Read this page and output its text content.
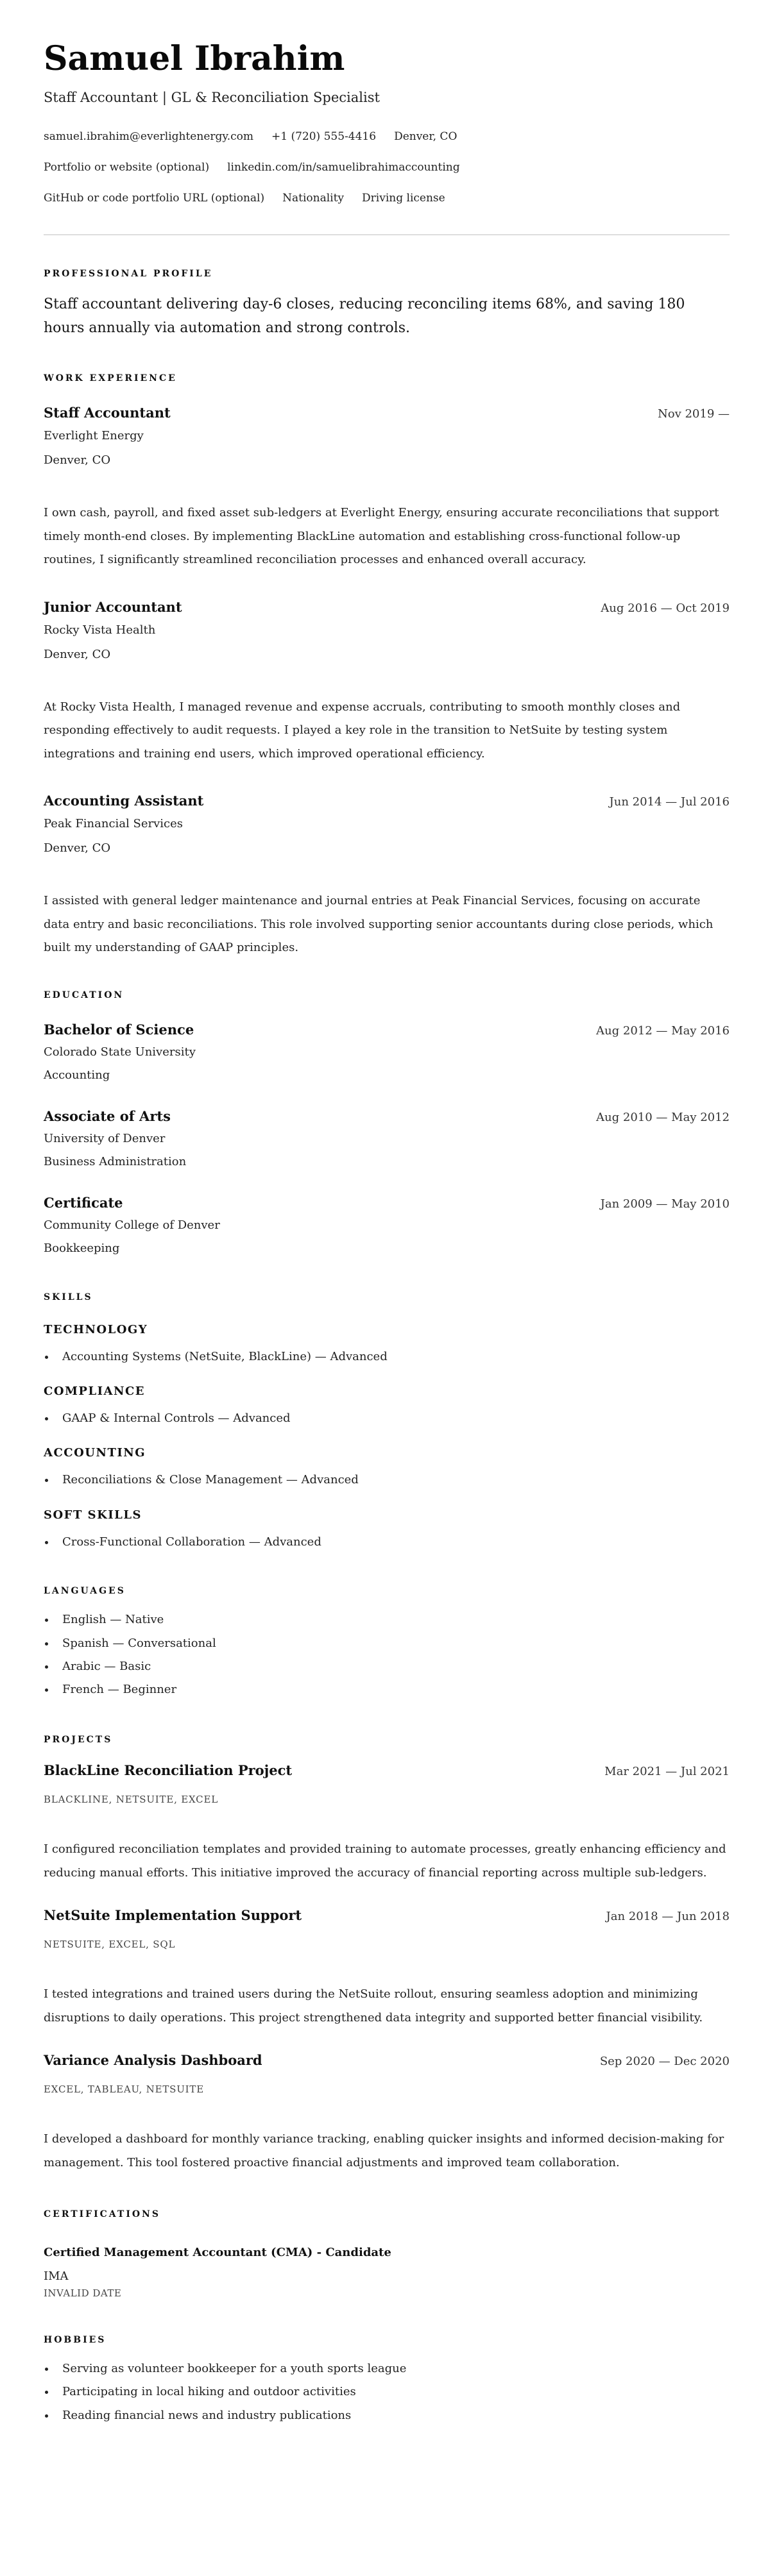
Samuel Ibrahim
Staff Accountant | GL & Reconciliation Specialist
samuel.ibrahim@everlightenergy.com +1 (720) 555-4416 Denver, CO
Portfolio or website (optional) linkedin.com/in/samuelibrahimaccounting
GitHub or code portfolio URL (optional) Nationality Driving license
PROFESSIONAL PROFILE
Staff accountant delivering day-6 closes, reducing reconciling items 68%, and saving 180 hours annually via automation and strong controls.
WORK EXPERIENCE
Staff Accountant	Nov 2019 —
Everlight Energy
Denver, CO
I own cash, payroll, and fixed asset sub-ledgers at Everlight Energy, ensuring accurate reconciliations that support timely month-end closes. By implementing BlackLine automation and establishing cross-functional follow-up routines, I significantly streamlined reconciliation processes and enhanced overall accuracy.
Junior Accountant	Aug 2016 — Oct 2019
Rocky Vista Health
Denver, CO
At Rocky Vista Health, I managed revenue and expense accruals, contributing to smooth monthly closes and responding effectively to audit requests. I played a key role in the transition to NetSuite by testing system integrations and training end users, which improved operational efficiency.
Accounting Assistant	Jun 2014 — Jul 2016
Peak Financial Services
Denver, CO
I assisted with general ledger maintenance and journal entries at Peak Financial Services, focusing on accurate data entry and basic reconciliations. This role involved supporting senior accountants during close periods, which built my understanding of GAAP principles.
EDUCATION
Bachelor of Science	Aug 2012 — May 2016
Colorado State University
Accounting
Associate of Arts	Aug 2010 — May 2012
University of Denver
Business Administration
Certificate	Jan 2009 — May 2010
Community College of Denver
Bookkeeping
SKILLS
TECHNOLOGY
Accounting Systems (NetSuite, BlackLine) — Advanced
COMPLIANCE
GAAP & Internal Controls — Advanced
ACCOUNTING
Reconciliations & Close Management — Advanced
SOFT SKILLS
Cross-Functional Collaboration — Advanced
LANGUAGES
English — Native
Spanish — Conversational
Arabic — Basic
French — Beginner
PROJECTS
BlackLine Reconciliation Project	Mar 2021 — Jul 2021
BLACKLINE, NETSUITE, EXCEL
I configured reconciliation templates and provided training to automate processes, greatly enhancing efficiency and reducing manual efforts. This initiative improved the accuracy of financial reporting across multiple sub-ledgers.
NetSuite Implementation Support	Jan 2018 — Jun 2018
NETSUITE, EXCEL, SQL
I tested integrations and trained users during the NetSuite rollout, ensuring seamless adoption and minimizing disruptions to daily operations. This project strengthened data integrity and supported better financial visibility.
Variance Analysis Dashboard	Sep 2020 — Dec 2020
EXCEL, TABLEAU, NETSUITE
I developed a dashboard for monthly variance tracking, enabling quicker insights and informed decision-making for management. This tool fostered proactive financial adjustments and improved team collaboration.
CERTIFICATIONS
Certified Management Accountant (CMA) - Candidate
IMA
INVALID DATE
HOBBIES
Serving as volunteer bookkeeper for a youth sports league
Participating in local hiking and outdoor activities
Reading financial news and industry publications
